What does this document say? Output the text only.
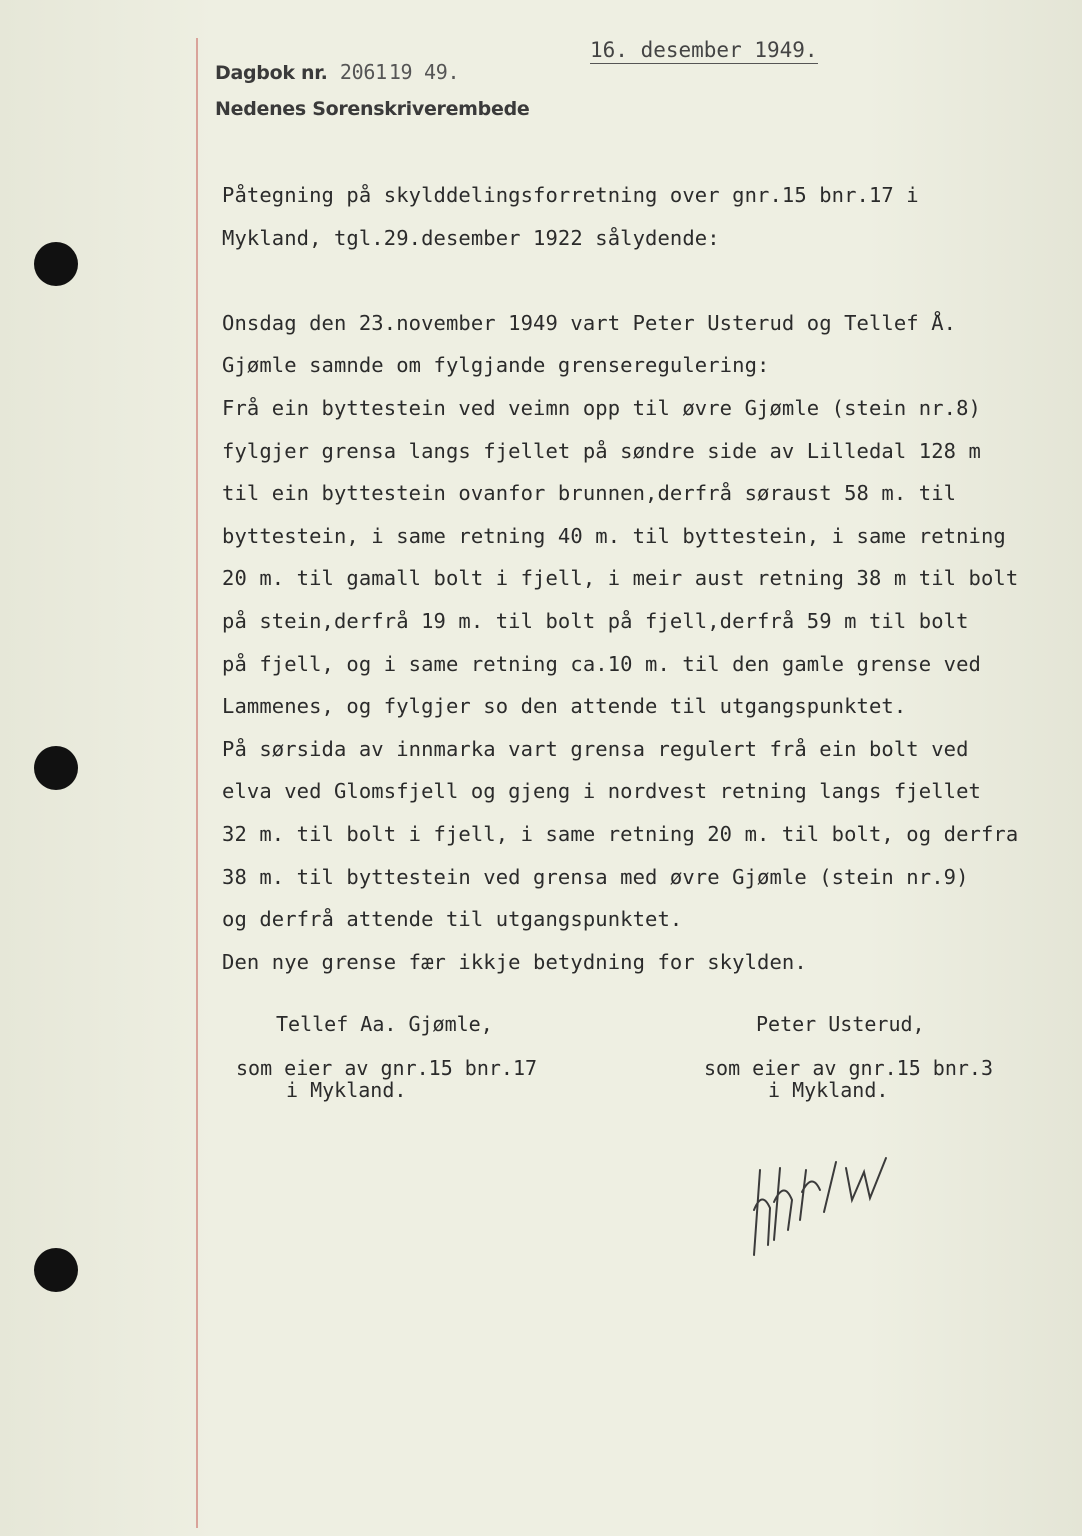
Dagbok nr. 2061 19 49.
Nedenes Sorenskriverembede
16. desember 1949.
Påtegning på skylddelingsforretning over gnr.15 bnr.17 i
Mykland, tgl.29.desember 1922 sålydende:
Onsdag den 23.november 1949 vart Peter Usterud og Tellef Å.
Gjømle samnde om fylgjande grenseregulering:
Frå ein byttestein ved veimn opp til øvre Gjømle (stein nr.8)
fylgjer grensa langs fjellet på søndre side av Lilledal 128 m
til ein byttestein ovanfor brunnen,derfrå søraust 58 m. til
byttestein, i same retning 40 m. til byttestein, i same retning
20 m. til gamall bolt i fjell, i meir aust retning 38 m til bolt
på stein,derfrå 19 m. til bolt på fjell,derfrå 59 m til bolt
på fjell, og i same retning ca.10 m. til den gamle grense ved
Lammenes, og fylgjer so den attende til utgangspunktet.
På sørsida av innmarka vart grensa regulert frå ein bolt ved
elva ved Glomsfjell og gjeng i nordvest retning langs fjellet
32 m. til bolt i fjell, i same retning 20 m. til bolt, og derfra
38 m. til byttestein ved grensa med øvre Gjømle (stein nr.9)
og derfrå attende til utgangspunktet.
Den nye grense fær ikkje betydning for skylden.
Tellef Aa. Gjømle,
som eier av gnr.15 bnr.17
i Mykland.
Peter Usterud,
som eier av gnr.15 bnr.3
i Mykland.
